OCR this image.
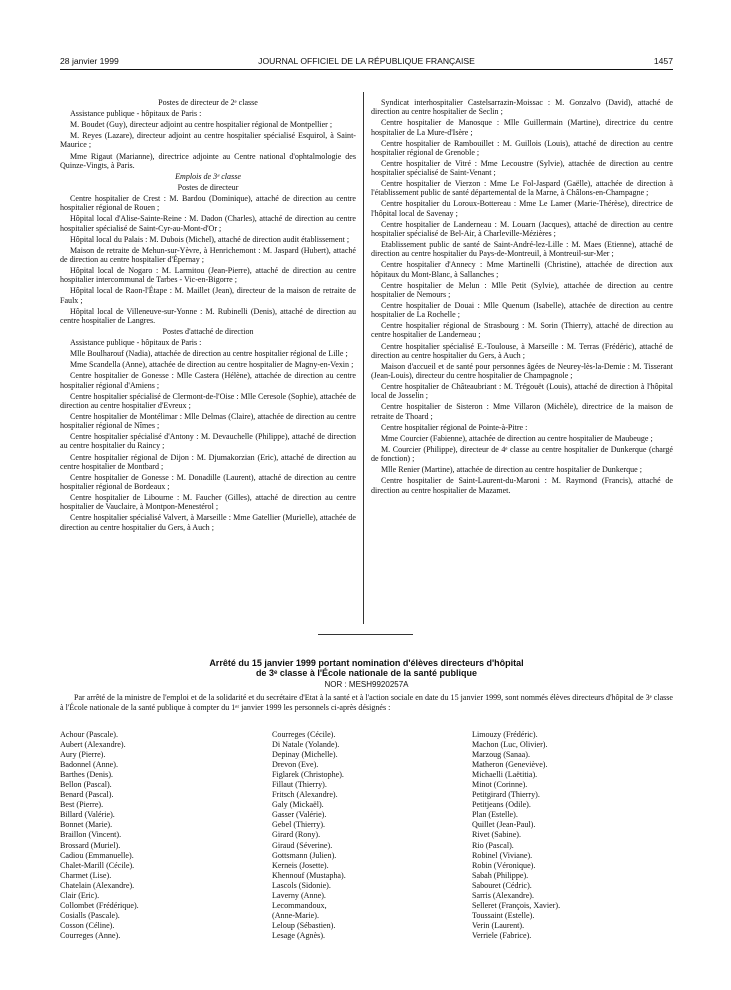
28 janvier 1999	JOURNAL OFFICIEL DE LA RÉPUBLIQUE FRANÇAISE	1457

Postes de directeur de 2ᵉ classe

Assistance publique - hôpitaux de Paris :

M. Boudet (Guy), directeur adjoint au centre hospitalier régional de Montpellier ;

M. Reyes (Lazare), directeur adjoint au centre hospitalier spécialisé Esquirol, à Saint-Maurice ;

Mme Rigaut (Marianne), directrice adjointe au Centre national d'ophtalmologie des Quinze-Vingts, à Paris.

Emplois de 3ᵉ classe

Postes de directeur

Centre hospitalier de Crest : M. Bardou (Dominique), attaché de direction au centre hospitalier régional de Rouen ;

Hôpital local d'Alise-Sainte-Reine : M. Dadon (Charles), attaché de direction au centre hospitalier spécialisé de Saint-Cyr-au-Mont-d'Or ;

Hôpital local du Palais : M. Dubois (Michel), attaché de direction audit établissement ;

Maison de retraite de Mehun-sur-Yèvre, à Henrichemont : M. Jaspard (Hubert), attaché de direction au centre hospitalier d'Épernay ;

Hôpital local de Nogaro : M. Larmitou (Jean-Pierre), attaché de direction au centre hospitalier intercommunal de Tarbes - Vic-en-Bigorre ;

Hôpital local de Raon-l'Étape : M. Maillet (Jean), directeur de la maison de retraite de Faulx ;

Hôpital local de Villeneuve-sur-Yonne : M. Rubinelli (Denis), attaché de direction au centre hospitalier de Langres.

Postes d'attaché de direction

Assistance publique - hôpitaux de Paris :

Mlle Boulharouf (Nadia), attachée de direction au centre hospitalier régional de Lille ;

Mme Scandella (Anne), attachée de direction au centre hospitalier de Magny-en-Vexin ;

Centre hospitalier de Gonesse : Mlle Castera (Hélène), attachée de direction au centre hospitalier régional d'Amiens ;

Centre hospitalier spécialisé de Clermont-de-l'Oise : Mlle Ceresole (Sophie), attachée de direction au centre hospitalier d'Evreux ;

Centre hospitalier de Montélimar : Mlle Delmas (Claire), attachée de direction au centre hospitalier régional de Nîmes ;

Centre hospitalier spécialisé d'Antony : M. Devauchelle (Philippe), attaché de direction au centre hospitalier du Raincy ;

Centre hospitalier régional de Dijon : M. Djumakorzian (Eric), attaché de direction au centre hospitalier de Montbard ;

Centre hospitalier de Gonesse : M. Donadille (Laurent), attaché de direction au centre hospitalier régional de Bordeaux ;

Centre hospitalier de Libourne : M. Faucher (Gilles), attaché de direction au centre hospitalier de Vauclaire, à Montpon-Menestérol ;

Centre hospitalier spécialisé Valvert, à Marseille : Mme Gatellier (Murielle), attachée de direction au centre hospitalier du Gers, à Auch ;

Syndicat interhospitalier Castelsarrazin-Moissac : M. Gonzalvo (David), attaché de direction au centre hospitalier de Seclin ;

Centre hospitalier de Manosque : Mlle Guillermain (Martine), directrice du centre hospitalier de La Mure-d'Isère ;

Centre hospitalier de Rambouillet : M. Guillois (Louis), attaché de direction au centre hospitalier régional de Grenoble ;

Centre hospitalier de Vitré : Mme Lecoustre (Sylvie), attachée de direction au centre hospitalier spécialisé de Saint-Venant ;

Centre hospitalier de Vierzon : Mme Le Fol-Jaspard (Gaëlle), attachée de direction à l'établissement public de santé départemental de la Marne, à Châlons-en-Champagne ;

Centre hospitalier du Loroux-Bottereau : Mme Le Lamer (Marie-Thérèse), directrice de l'hôpital local de Savenay ;

Centre hospitalier de Landerneau : M. Louarn (Jacques), attaché de direction au centre hospitalier spécialisé de Bel-Air, à Charleville-Mézières ;

Etablissement public de santé de Saint-André-lez-Lille : M. Maes (Etienne), attaché de direction au centre hospitalier du Pays-de-Montreuil, à Montreuil-sur-Mer ;

Centre hospitalier d'Annecy : Mme Martinelli (Christine), attachée de direction aux hôpitaux du Mont-Blanc, à Sallanches ;

Centre hospitalier de Melun : Mlle Petit (Sylvie), attachée de direction au centre hospitalier de Nemours ;

Centre hospitalier de Douai : Mlle Quenum (Isabelle), attachée de direction au centre hospitalier de La Rochelle ;

Centre hospitalier régional de Strasbourg : M. Sorin (Thierry), attaché de direction au centre hospitalier de Landerneau ;

Centre hospitalier spécialisé E.-Toulouse, à Marseille : M. Terras (Frédéric), attaché de direction au centre hospitalier du Gers, à Auch ;

Maison d'accueil et de santé pour personnes âgées de Neurey-lès-la-Demie : M. Tisserant (Jean-Louis), directeur du centre hospitalier de Champagnole ;

Centre hospitalier de Châteaubriant : M. Trégouët (Louis), attaché de direction à l'hôpital local de Josselin ;

Centre hospitalier de Sisteron : Mme Villaron (Michèle), directrice de la maison de retraite de Thoard ;

Centre hospitalier régional de Pointe-à-Pitre :

Mme Courcier (Fabienne), attachée de direction au centre hospitalier de Maubeuge ;

M. Courcier (Philippe), directeur de 4ᵉ classe au centre hospitalier de Dunkerque (chargé de fonction) ;

Mlle Renier (Martine), attachée de direction au centre hospitalier de Dunkerque ;

Centre hospitalier de Saint-Laurent-du-Maroni : M. Raymond (Francis), attaché de direction au centre hospitalier de Mazamet.

Arrêté du 15 janvier 1999 portant nomination d'élèves directeurs d'hôpital
de 3ᵉ classe à l'École nationale de la santé publique
NOR : MESH9920257A
Par arrêté de la ministre de l'emploi et de la solidarité et du secrétaire d'Etat à la santé et à l'action sociale en date du 15 janvier 1999, sont nommés élèves directeurs d'hôpital de 3ᵉ classe à l'École nationale de la santé publique à compter du 1ᵉʳ janvier 1999 les personnels ci-après désignés :
Achour (Pascale).
Aubert (Alexandre).
Aury (Pierre).
Badonnel (Anne).
Barthes (Denis).
Bellon (Pascal).
Benard (Pascal).
Best (Pierre).
Billard (Valérie).
Bonnet (Marie).
Braillon (Vincent).
Brossard (Muriel).
Cadiou (Emmanuelle).
Chalet-Marill (Cécile).
Charmet (Lise).
Chatelain (Alexandre).
Clair (Eric).
Collombet (Frédérique).
Cosialls (Pascale).
Cosson (Céline).
Courreges (Anne).
Courreges (Cécile).
Di Natale (Yolande).
Depinay (Michelle).
Drevon (Eve).
Figlarek (Christophe).
Fillaut (Thierry).
Fritsch (Alexandre).
Galy (Mickaël).
Gasser (Valérie).
Gebel (Thierry).
Girard (Rony).
Giraud (Séverine).
Gottsmann (Julien).
Kerneis (Josette).
Khennouf (Mustapha).
Lascols (Sidonie).
Laverny (Anne).
Lecommandoux,
(Anne-Marie).
Leloup (Sébastien).
Lesage (Agnès).
Limouzy (Frédéric).
Machon (Luc, Olivier).
Marzoug (Sanaa).
Matheron (Geneviève).
Michaelli (Laëtitia).
Minot (Corinne).
Petitgirard (Thierry).
Petitjeans (Odile).
Plan (Estelle).
Quillet (Jean-Paul).
Rivet (Sabine).
Rio (Pascal).
Robinel (Viviane).
Robin (Véronique).
Sabah (Philippe).
Sabouret (Cédric).
Sarris (Alexandre).
Selleret (François, Xavier).
Toussaint (Estelle).
Verin (Laurent).
Verriele (Fabrice).
